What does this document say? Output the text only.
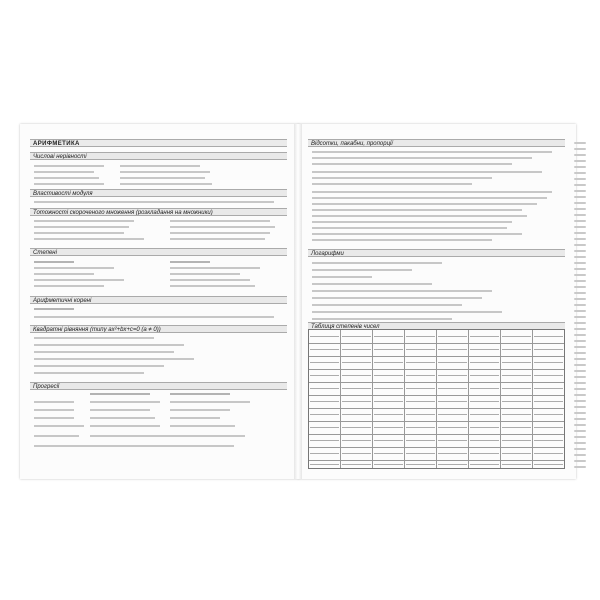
АРИФМЕТИКА
Числові нерівності
Властивості модуля
Тотожності скороченого множення (розкладання на множники)
Степені
Арифметичні корені
Квадратні рівняння (типу ax²+bx+c=0 (a ≠ 0))
Прогресії
Відсотки, пакабни, пропорції
Логарифми
Таблиця степенів чисел
